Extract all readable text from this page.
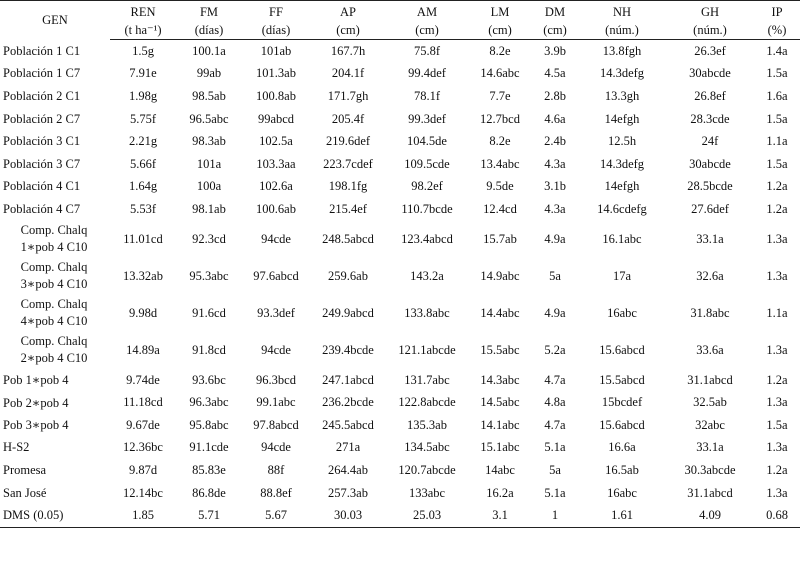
GEN	REN	FM	FF	AP	AM	LM	DM	NH	GH	IP
	(t ha⁻¹)	(días)	(días)	(cm)	(cm)	(cm)	(cm)	(núm.)	(núm.)	(%)
Población 1 C1	1.5g	100.1a	101ab	167.7h	75.8f	8.2e	3.9b	13.8fgh	26.3ef	1.4a
Población 1 C7	7.91e	99ab	101.3ab	204.1f	99.4def	14.6abc	4.5a	14.3defg	30abcde	1.5a
Población 2 C1	1.98g	98.5ab	100.8ab	171.7gh	78.1f	7.7e	2.8b	13.3gh	26.8ef	1.6a
Población 2 C7	5.75f	96.5abc	99abcd	205.4f	99.3def	12.7bcd	4.6a	14efgh	28.3cde	1.5a
Población 3 C1	2.21g	98.3ab	102.5a	219.6def	104.5de	8.2e	2.4b	12.5h	24f	1.1a
Población 3 C7	5.66f	101a	103.3aa	223.7cdef	109.5cde	13.4abc	4.3a	14.3defg	30abcde	1.5a
Población 4 C1	1.64g	100a	102.6a	198.1fg	98.2ef	9.5de	3.1b	14efgh	28.5bcde	1.2a
Población 4 C7	5.53f	98.1ab	100.6ab	215.4ef	110.7bcde	12.4cd	4.3a	14.6cdefg	27.6def	1.2a

Comp. Chalq
1∗pob 4 C10	11.01cd	92.3cd	94cde	248.5abcd	123.4abcd	15.7ab	4.9a	16.1abc	33.1a	1.3a

Comp. Chalq
3∗pob 4 C10	13.32ab	95.3abc	97.6abcd	259.6ab	143.2a	14.9abc	5a	17a	32.6a	1.3a

Comp. Chalq
4∗pob 4 C10	9.98d	91.6cd	93.3def	249.9abcd	133.8abc	14.4abc	4.9a	16abc	31.8abc	1.1a

Comp. Chalq
2∗pob 4 C10	14.89a	91.8cd	94cde	239.4bcde	121.1abcde	15.5abc	5.2a	15.6abcd	33.6a	1.3a
Pob 1∗pob 4	9.74de	93.6bc	96.3bcd	247.1abcd	131.7abc	14.3abc	4.7a	15.5abcd	31.1abcd	1.2a
Pob 2∗pob 4	11.18cd	96.3abc	99.1abc	236.2bcde	122.8abcde	14.5abc	4.8a	15bcdef	32.5ab	1.3a
Pob 3∗pob 4	9.67de	95.8abc	97.8abcd	245.5abcd	135.3ab	14.1abc	4.7a	15.6abcd	32abc	1.5a
H-S2	12.36bc	91.1cde	94cde	271a	134.5abc	15.1abc	5.1a	16.6a	33.1a	1.3a
Promesa	9.87d	85.83e	88f	264.4ab	120.7abcde	14abc	5a	16.5ab	30.3abcde	1.2a
San José	12.14bc	86.8de	88.8ef	257.3ab	133abc	16.2a	5.1a	16abc	31.1abcd	1.3a
DMS (0.05)	1.85	5.71	5.67	30.03	25.03	3.1	1	1.61	4.09	0.68
